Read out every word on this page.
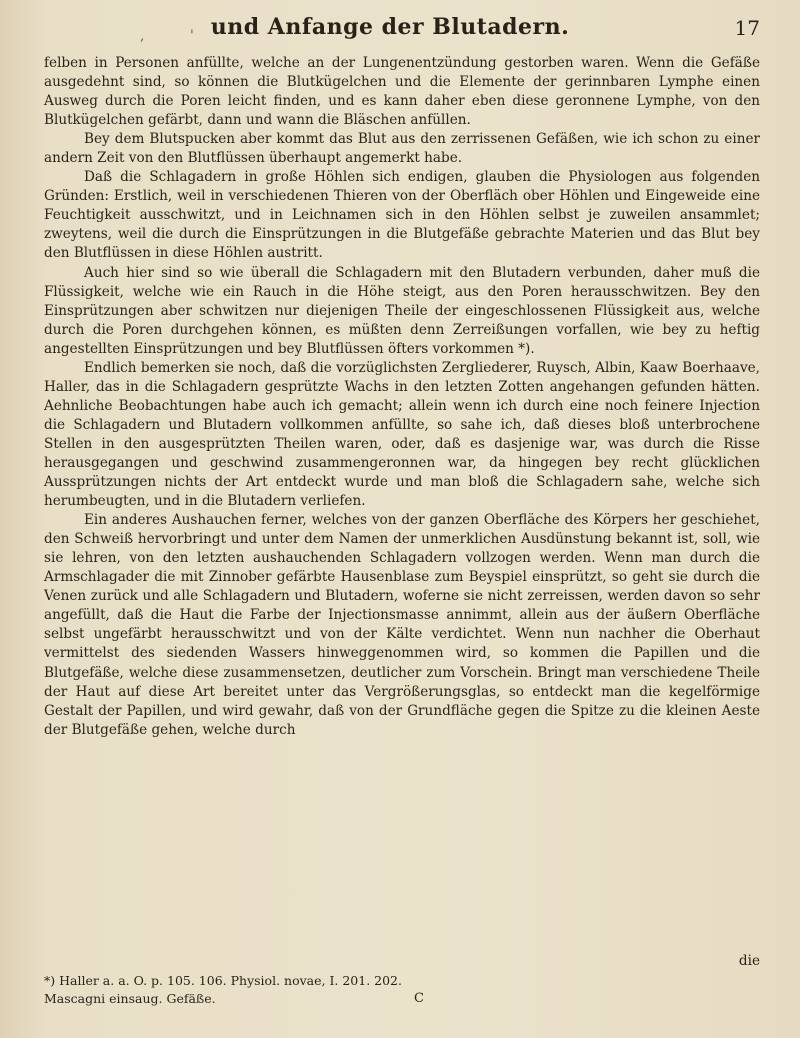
,	' und Anfange der Blutadern.	17

felben in Personen anfüllte, welche an der Lungenentzündung gestorben waren. Wenn die Gefäße ausgedehnt sind, so können die Blutkügelchen und die Elemente der gerinnbaren Lymphe einen Ausweg durch die Poren leicht finden, und es kann daher eben diese geronnene Lymphe, von den Blutkügelchen gefärbt, dann und wann die Bläschen anfüllen.

Bey dem Blutspucken aber kommt das Blut aus den zerrissenen Gefäßen, wie ich schon zu einer andern Zeit von den Blutflüssen überhaupt angemerkt habe.

Daß die Schlagadern in große Höhlen sich endigen, glauben die Physiologen aus folgenden Gründen: Erstlich, weil in verschiedenen Thieren von der Oberfläch ober Höhlen und Eingeweide eine Feuchtigkeit ausschwitzt, und in Leichnamen sich in den Höhlen selbst je zuweilen ansammlet; zweytens, weil die durch die Einsprützungen in die Blutgefäße gebrachte Materien und das Blut bey den Blutflüssen in diese Höhlen austritt.

Auch hier sind so wie überall die Schlagadern mit den Blutadern verbunden, daher muß die Flüssigkeit, welche wie ein Rauch in die Höhe steigt, aus den Poren herausschwitzen. Bey den Einsprützungen aber schwitzen nur diejenigen Theile der eingeschlossenen Flüssigkeit aus, welche durch die Poren durchgehen können, es müßten denn Zerreißungen vorfallen, wie bey zu heftig angestellten Einsprützungen und bey Blutflüssen öfters vorkommen *).

Endlich bemerken sie noch, daß die vorzüglichsten Zergliederer, Ruysch, Albin, Kaaw Boerhaave, Haller, das in die Schlagadern gesprützte Wachs in den letzten Zotten angehangen gefunden hätten. Aehnliche Beobachtungen habe auch ich gemacht; allein wenn ich durch eine noch feinere Injection die Schlagadern und Blutadern vollkommen anfüllte, so sahe ich, daß dieses bloß unterbrochene Stellen in den ausgesprützten Theilen waren, oder, daß es dasjenige war, was durch die Risse herausgegangen und geschwind zusammengeronnen war, da hingegen bey recht glücklichen Aussprützungen nichts der Art entdeckt wurde und man bloß die Schlagadern sahe, welche sich herumbeugten, und in die Blutadern verliefen.

Ein anderes Aushauchen ferner, welches von der ganzen Oberfläche des Körpers her geschiehet, den Schweiß hervorbringt und unter dem Namen der unmerklichen Ausdünstung bekannt ist, soll, wie sie lehren, von den letzten aushauchenden Schlagadern vollzogen werden. Wenn man durch die Armschlagader die mit Zinnober gefärbte Hausenblase zum Beyspiel einsprützt, so geht sie durch die Venen zurück und alle Schlagadern und Blutadern, woferne sie nicht zerreissen, werden davon so sehr angefüllt, daß die Haut die Farbe der Injectionsmasse annimmt, allein aus der äußern Oberfläche selbst ungefärbt herausschwitzt und von der Kälte verdichtet. Wenn nun nachher die Oberhaut vermittelst des siedenden Wassers hinweggenommen wird, so kommen die Papillen und die Blutgefäße, welche diese zusammensetzen, deutlicher zum Vorschein. Bringt man verschiedene Theile der Haut auf diese Art bereitet unter das Vergrößerungsglas, so entdeckt man die kegelförmige Gestalt der Papillen, und wird gewahr, daß von der Grundfläche gegen die Spitze zu die kleinen Aeste der Blutgefäße gehen, welche durch

die
*) Haller a. a. O. p. 105. 106. Physiol. novae, I. 201. 202.
Mascagni einsaug. Gefäße.	C
